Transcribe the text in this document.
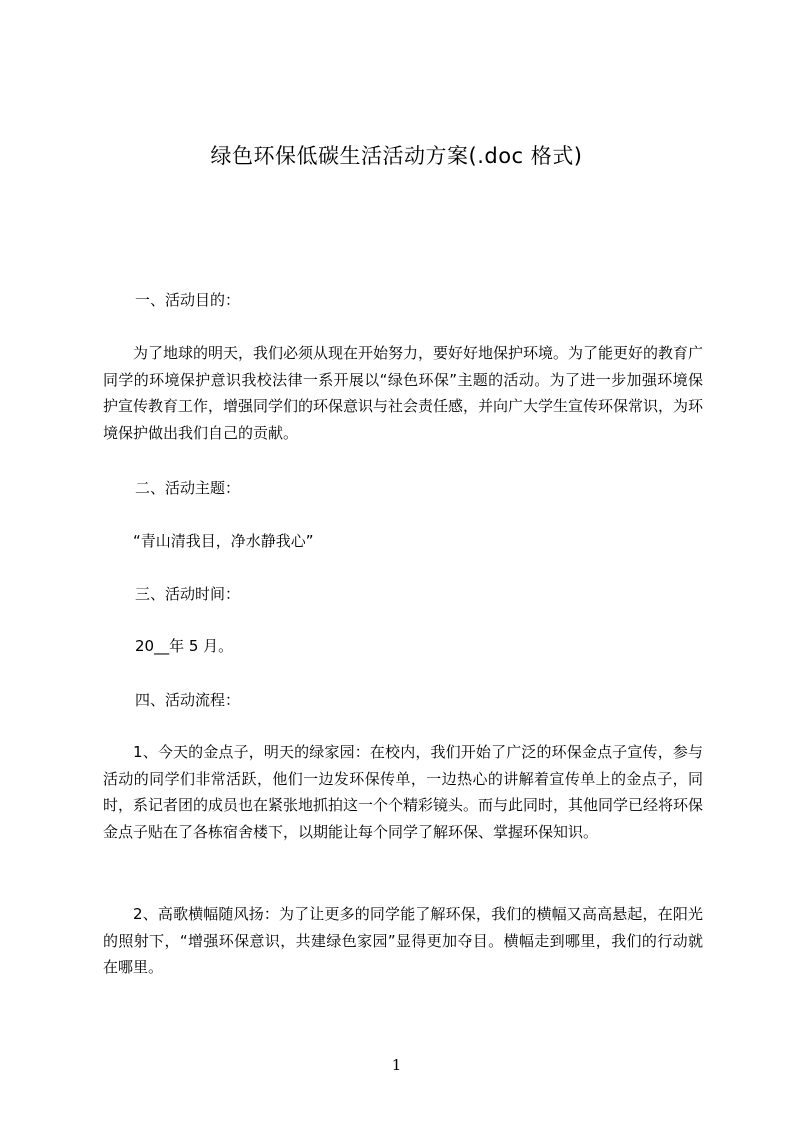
绿色环保低碳生活活动方案(.doc 格式)
一、活动目的：
为了地球的明天，我们必须从现在开始努力，要好好地保护环境。为了能更好的教育广同学的环境保护意识我校法律一系开展以“绿色环保”主题的活动。为了进一步加强环境保护宣传教育工作，增强同学们的环保意识与社会责任感，并向广大学生宣传环保常识，为环境保护做出我们自己的贡献。
二、活动主题：
“青山清我目，净水静我心”
三、活动时间：
20__年 5 月。
四、活动流程：
1、今天的金点子，明天的绿家园：在校内，我们开始了广泛的环保金点子宣传，参与活动的同学们非常活跃，他们一边发环保传单，一边热心的讲解着宣传单上的金点子，同时，系记者团的成员也在紧张地抓拍这一个个精彩镜头。而与此同时，其他同学已经将环保金点子贴在了各栋宿舍楼下，以期能让每个同学了解环保、掌握环保知识。
2、高歌横幅随风扬：为了让更多的同学能了解环保，我们的横幅又高高悬起，在阳光的照射下，“增强环保意识，共建绿色家园”显得更加夺目。横幅走到哪里，我们的行动就在哪里。
1
